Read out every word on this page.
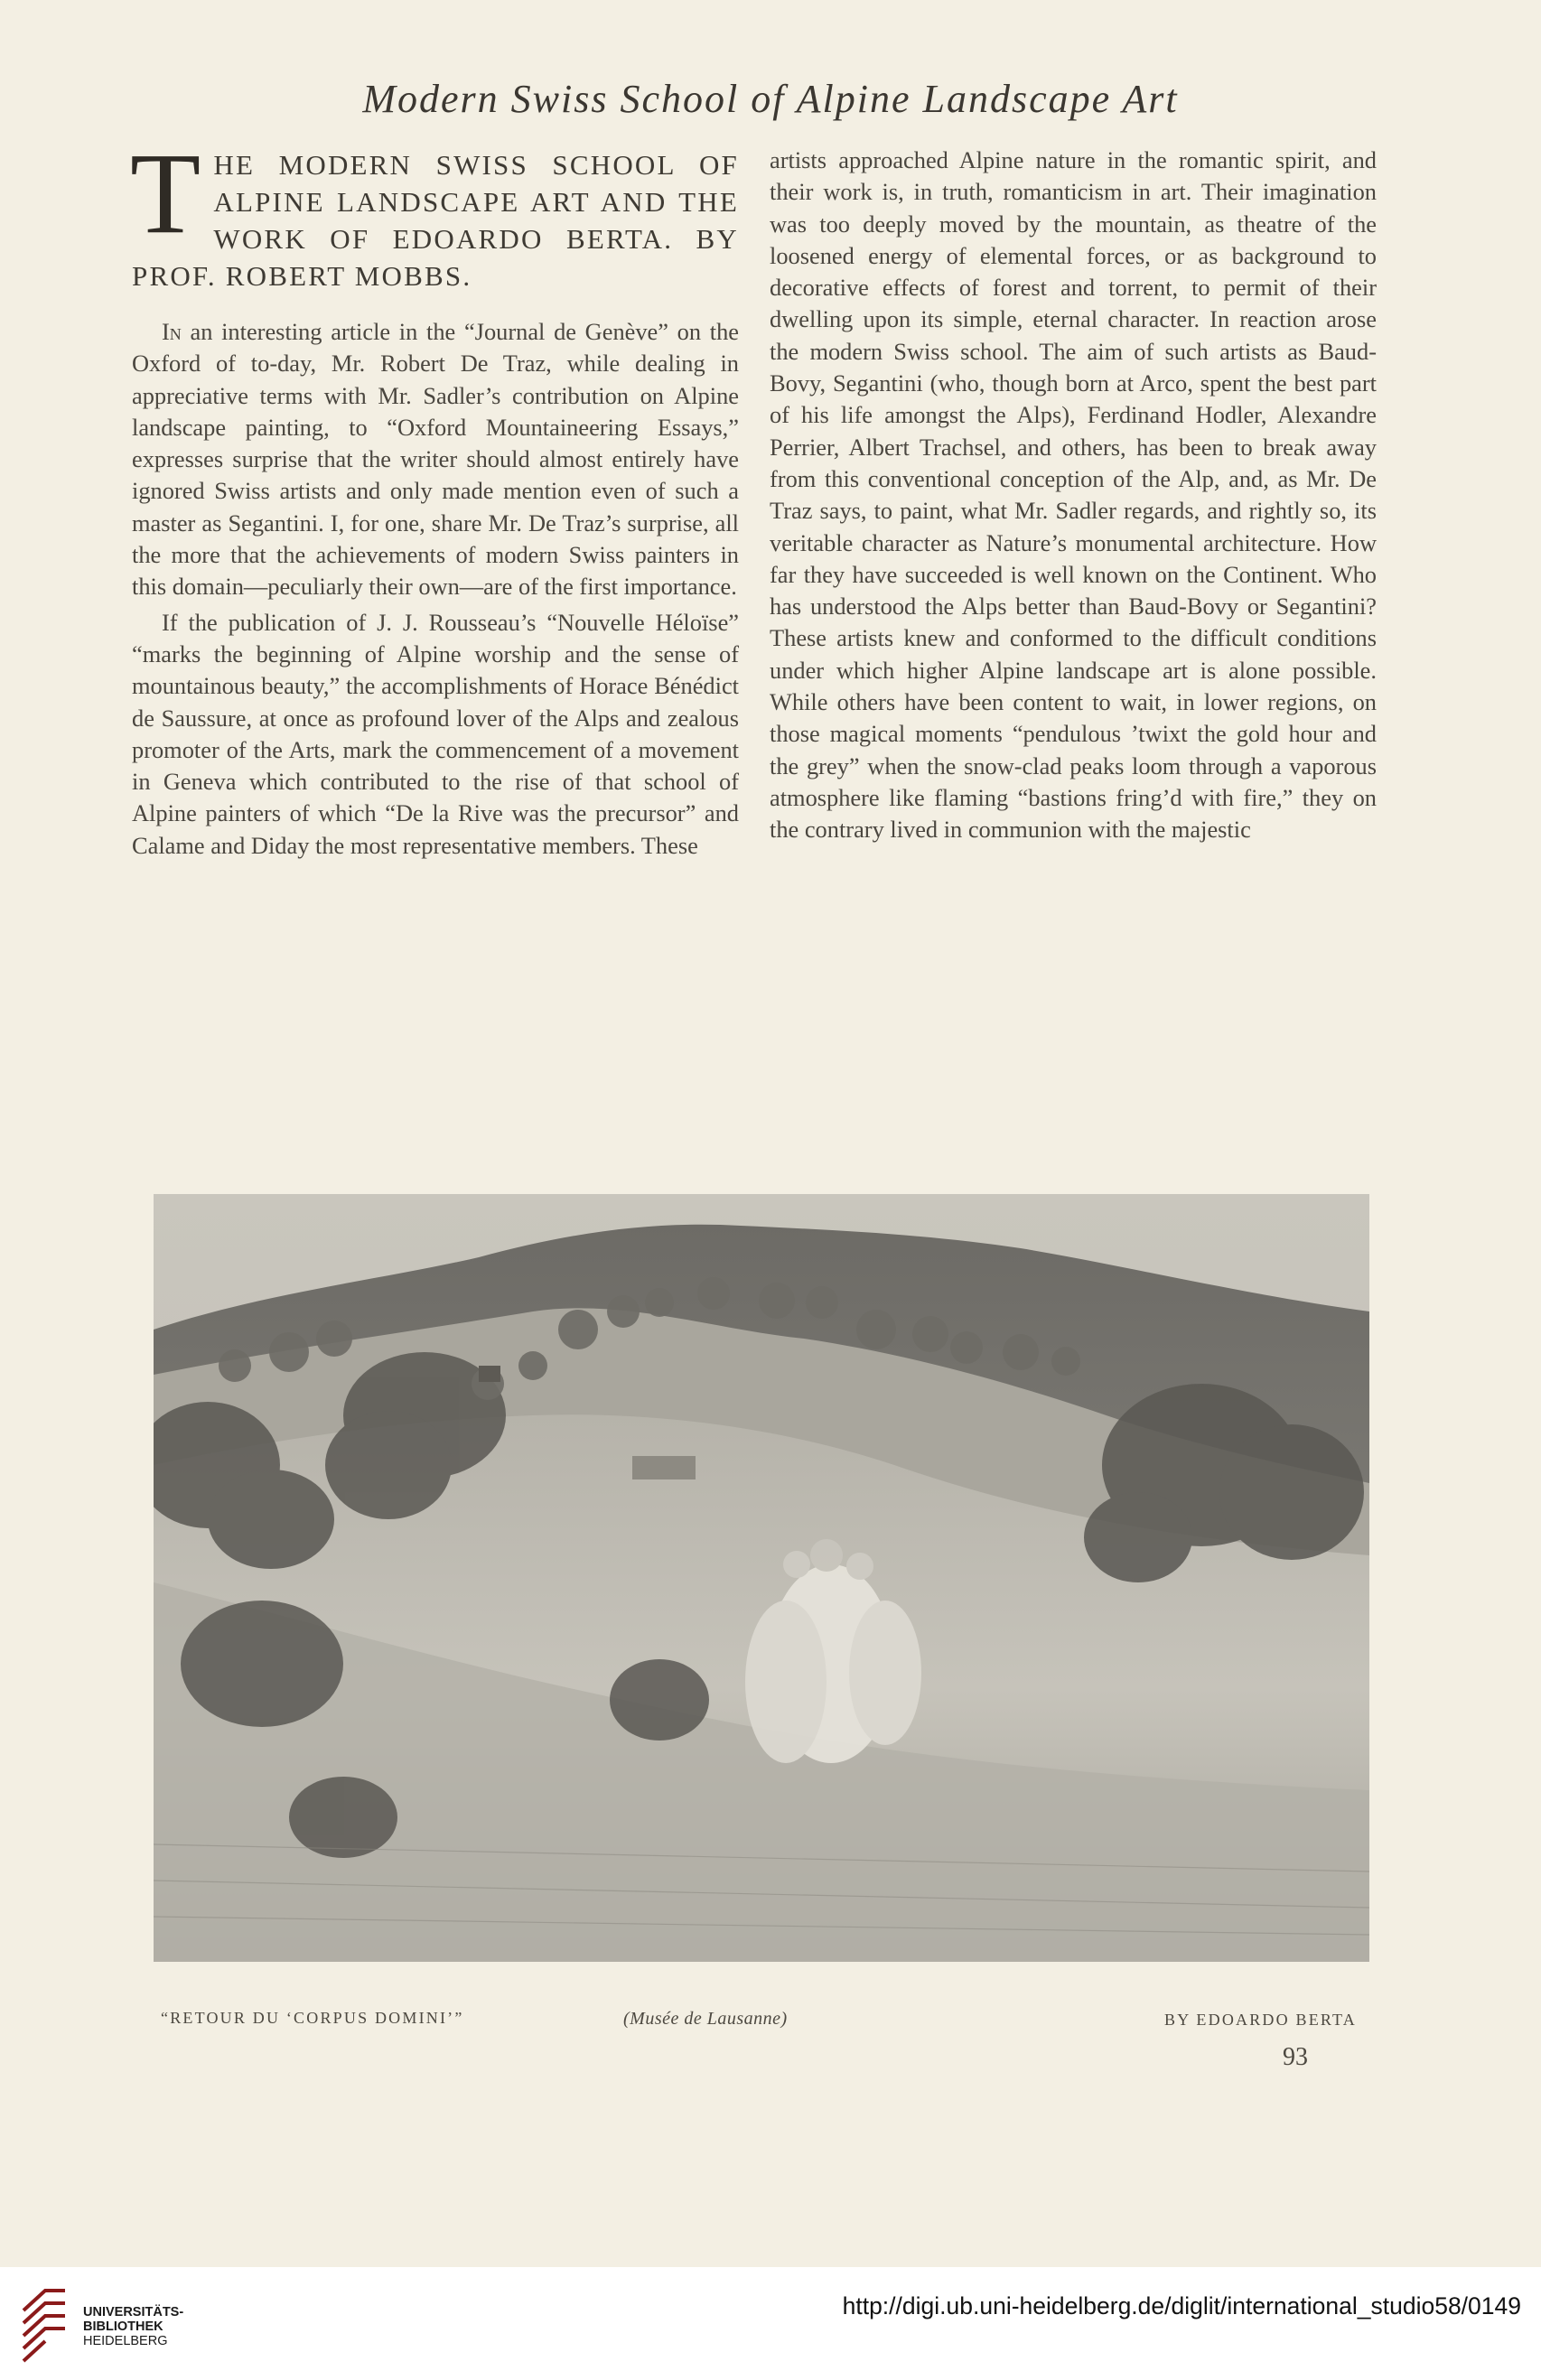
Modern Swiss School of Alpine Landscape Art
THE MODERN SWISS SCHOOL OF ALPINE LANDSCAPE ART AND THE WORK OF EDOARDO BERTA. BY PROF. ROBERT MOBBS.

In an interesting article in the “Journal de Genève” on the Oxford of to-day, Mr. Robert De Traz, while dealing in appreciative terms with Mr. Sadler’s contribution on Alpine landscape painting, to “Oxford Mountaineering Essays,” expresses surprise that the writer should almost entirely have ignored Swiss artists and only made mention even of such a master as Segantini. I, for one, share Mr. De Traz’s surprise, all the more that the achievements of modern Swiss painters in this domain—peculiarly their own—are of the first importance.

If the publication of J. J. Rousseau’s “Nouvelle Héloïse” “marks the beginning of Alpine worship and the sense of mountainous beauty,” the accomplishments of Horace Bénédict de Saussure, at once as profound lover of the Alps and zealous promoter of the Arts, mark the commencement of a movement in Geneva which contributed to the rise of that school of Alpine painters of which “De la Rive was the precursor” and Calame and Diday the most representative members. These

artists approached Alpine nature in the romantic spirit, and their work is, in truth, romanticism in art. Their imagination was too deeply moved by the mountain, as theatre of the loosened energy of elemental forces, or as background to decorative effects of forest and torrent, to permit of their dwelling upon its simple, eternal character. In reaction arose the modern Swiss school. The aim of such artists as Baud-Bovy, Segantini (who, though born at Arco, spent the best part of his life amongst the Alps), Ferdinand Hodler, Alexandre Perrier, Albert Trachsel, and others, has been to break away from this conventional conception of the Alp, and, as Mr. De Traz says, to paint, what Mr. Sadler regards, and rightly so, its veritable character as Nature’s monumental architecture. How far they have succeeded is well known on the Continent. Who has understood the Alps better than Baud-Bovy or Segantini? These artists knew and conformed to the difficult conditions under which higher Alpine landscape art is alone possible. While others have been content to wait, in lower regions, on those magical moments “pendulous ’twixt the gold hour and the grey” when the snow-clad peaks loom through a vaporous atmosphere like flaming “bastions fring’d with fire,” they on the contrary lived in communion with the majestic

“RETOUR DU ‘CORPUS DOMINI’”	(Musée de Lausanne)	BY EDOARDO BERTA
93
UNIVERSITÄTS-
BIBLIOTHEK
HEIDELBERG
http://digi.ub.uni-heidelberg.de/diglit/international_studio58/0149
